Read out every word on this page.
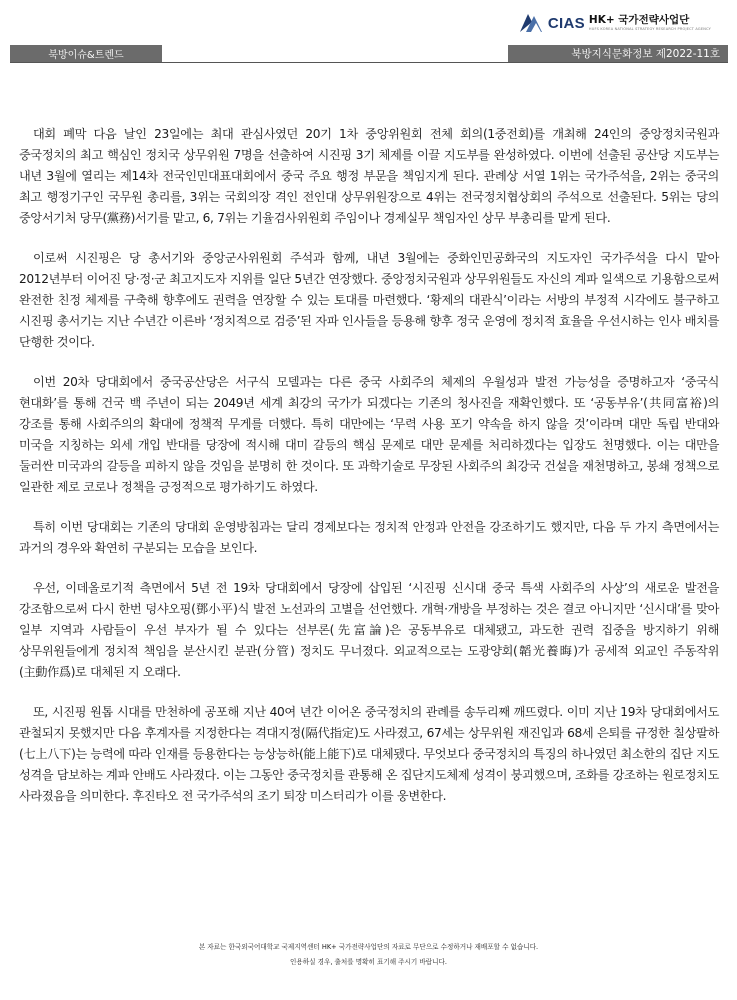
CIAS HK+ 국가전략사업단
HUFS KOREA NATIONAL STRATEGY RESEARCH PROJECT AGENCY
북방이슈&트렌드	북방지식문화정보 제2022-11호

대회 폐막 다음 날인 23일에는 최대 관심사였던 20기 1차 중앙위원회 전체 회의(1중전회)를 개최해 24인의 중앙정치국원과 중국정치의 최고 핵심인 정치국 상무위원 7명을 선출하여 시진핑 3기 체제를 이끌 지도부를 완성하였다. 이번에 선출된 공산당 지도부는 내년 3월에 열리는 제14차 전국인민대표대회에서 중국 주요 행정 부문을 책임지게 된다. 관례상 서열 1위는 국가주석을, 2위는 중국의 최고 행정기구인 국무원 총리를, 3위는 국회의장 격인 전인대 상무위원장으로 4위는 전국정치협상회의 주석으로 선출된다. 5위는 당의 중앙서기처 당무(黨務)서기를 맡고, 6, 7위는 기율검사위원회 주임이나 경제실무 책임자인 상무 부총리를 맡게 된다.

이로써 시진핑은 당 총서기와 중앙군사위원회 주석과 함께, 내년 3월에는 중화인민공화국의 지도자인 국가주석을 다시 맡아 2012년부터 이어진 당·정·군 최고지도자 지위를 일단 5년간 연장했다. 중앙정치국원과 상무위원들도 자신의 계파 일색으로 기용함으로써 완전한 친정 체제를 구축해 향후에도 권력을 연장할 수 있는 토대를 마련했다. ‘황제의 대관식’이라는 서방의 부정적 시각에도 불구하고 시진핑 총서기는 지난 수년간 이른바 ‘정치적으로 검증’된 자파 인사들을 등용해 향후 정국 운영에 정치적 효율을 우선시하는 인사 배치를 단행한 것이다.

이번 20차 당대회에서 중국공산당은 서구식 모델과는 다른 중국 사회주의 체제의 우월성과 발전 가능성을 증명하고자 ‘중국식 현대화’를 통해 건국 백 주년이 되는 2049년 세계 최강의 국가가 되겠다는 기존의 청사진을 재확인했다. 또 ‘공동부유’(共同富裕)의 강조를 통해 사회주의의 확대에 정책적 무게를 더했다. 특히 대만에는 ‘무력 사용 포기 약속을 하지 않을 것’이라며 대만 독립 반대와 미국을 지칭하는 외세 개입 반대를 당장에 적시해 대미 갈등의 핵심 문제로 대만 문제를 처리하겠다는 입장도 천명했다. 이는 대만을 둘러싼 미국과의 갈등을 피하지 않을 것임을 분명히 한 것이다. 또 과학기술로 무장된 사회주의 최강국 건설을 재천명하고, 봉쇄 정책으로 일관한 제로 코로나 정책을 긍정적으로 평가하기도 하였다.

특히 이번 당대회는 기존의 당대회 운영방침과는 달리 경제보다는 정치적 안정과 안전을 강조하기도 했지만, 다음 두 가지 측면에서는 과거의 경우와 확연히 구분되는 모습을 보인다.

우선, 이데올로기적 측면에서 5년 전 19차 당대회에서 당장에 삽입된 ‘시진핑 신시대 중국 특색 사회주의 사상’의 새로운 발전을 강조함으로써 다시 한번 덩샤오핑(鄧小平)식 발전 노선과의 고별을 선언했다. 개혁·개방을 부정하는 것은 결코 아니지만 ‘신시대’를 맞아 일부 지역과 사람들이 우선 부자가 될 수 있다는 선부론(先富論)은 공동부유로 대체됐고, 과도한 권력 집중을 방지하기 위해 상무위원들에게 정치적 책임을 분산시킨 분관(分管) 정치도 무너졌다. 외교적으로는 도광양회(韜光養晦)가 공세적 외교인 주동작위(主動作爲)로 대체된 지 오래다.

또, 시진핑 원톱 시대를 만천하에 공포해 지난 40여 년간 이어온 중국정치의 관례를 송두리째 깨뜨렸다. 이미 지난 19차 당대회에서도 관철되지 못했지만 다음 후계자를 지정한다는 격대지정(隔代指定)도 사라졌고, 67세는 상무위원 재진입과 68세 은퇴를 규정한 칠상팔하(七上八下)는 능력에 따라 인재를 등용한다는 능상능하(能上能下)로 대체됐다. 무엇보다 중국정치의 특징의 하나였던 최소한의 집단 지도 성격을 담보하는 계파 안배도 사라졌다. 이는 그동안 중국정치를 관통해 온 집단지도체제 성격이 붕괴했으며, 조화를 강조하는 원로정치도 사라졌음을 의미한다. 후진타오 전 국가주석의 조기 퇴장 미스터리가 이를 웅변한다.

본 자료는 한국외국어대학교 국제지역센터 HK+ 국가전략사업단의 자료로 무단으로 수정하거나 재배포할 수 없습니다.
인용하실 경우, 출처를 명확히 표기해 주시기 바랍니다.
